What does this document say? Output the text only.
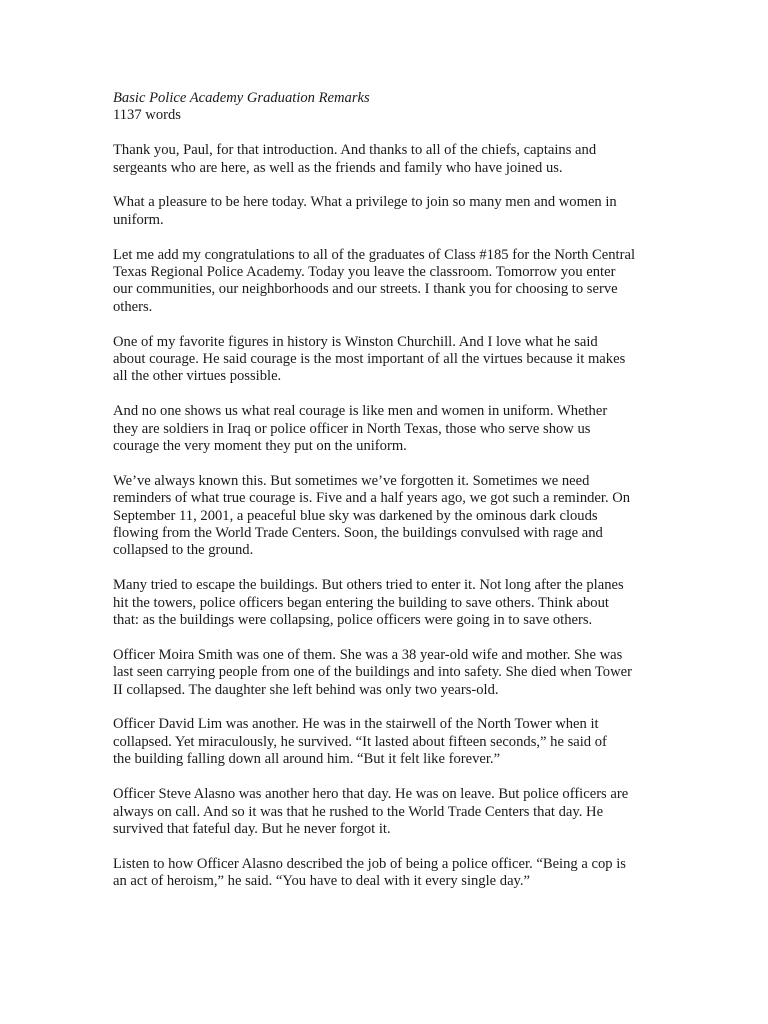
Basic Police Academy Graduation Remarks

1137 words

Thank you, Paul, for that introduction. And thanks to all of the chiefs, captains and
sergeants who are here, as well as the friends and family who have joined us.

What a pleasure to be here today. What a privilege to join so many men and women in
uniform.

Let me add my congratulations to all of the graduates of Class #185 for the North Central
Texas Regional Police Academy. Today you leave the classroom. Tomorrow you enter
our communities, our neighborhoods and our streets. I thank you for choosing to serve
others.

One of my favorite figures in history is Winston Churchill. And I love what he said
about courage. He said courage is the most important of all the virtues because it makes
all the other virtues possible.

And no one shows us what real courage is like men and women in uniform. Whether
they are soldiers in Iraq or police officer in North Texas, those who serve show us
courage the very moment they put on the uniform.

We’ve always known this. But sometimes we’ve forgotten it. Sometimes we need
reminders of what true courage is. Five and a half years ago, we got such a reminder. On
September 11, 2001, a peaceful blue sky was darkened by the ominous dark clouds
flowing from the World Trade Centers. Soon, the buildings convulsed with rage and
collapsed to the ground.

Many tried to escape the buildings. But others tried to enter it. Not long after the planes
hit the towers, police officers began entering the building to save others. Think about
that: as the buildings were collapsing, police officers were going in to save others.

Officer Moira Smith was one of them. She was a 38 year-old wife and mother. She was
last seen carrying people from one of the buildings and into safety. She died when Tower
II collapsed. The daughter she left behind was only two years-old.

Officer David Lim was another. He was in the stairwell of the North Tower when it
collapsed. Yet miraculously, he survived. “It lasted about fifteen seconds,” he said of
the building falling down all around him. “But it felt like forever.”

Officer Steve Alasno was another hero that day. He was on leave. But police officers are
always on call. And so it was that he rushed to the World Trade Centers that day. He
survived that fateful day. But he never forgot it.

Listen to how Officer Alasno described the job of being a police officer. “Being a cop is
an act of heroism,” he said. “You have to deal with it every single day.”
